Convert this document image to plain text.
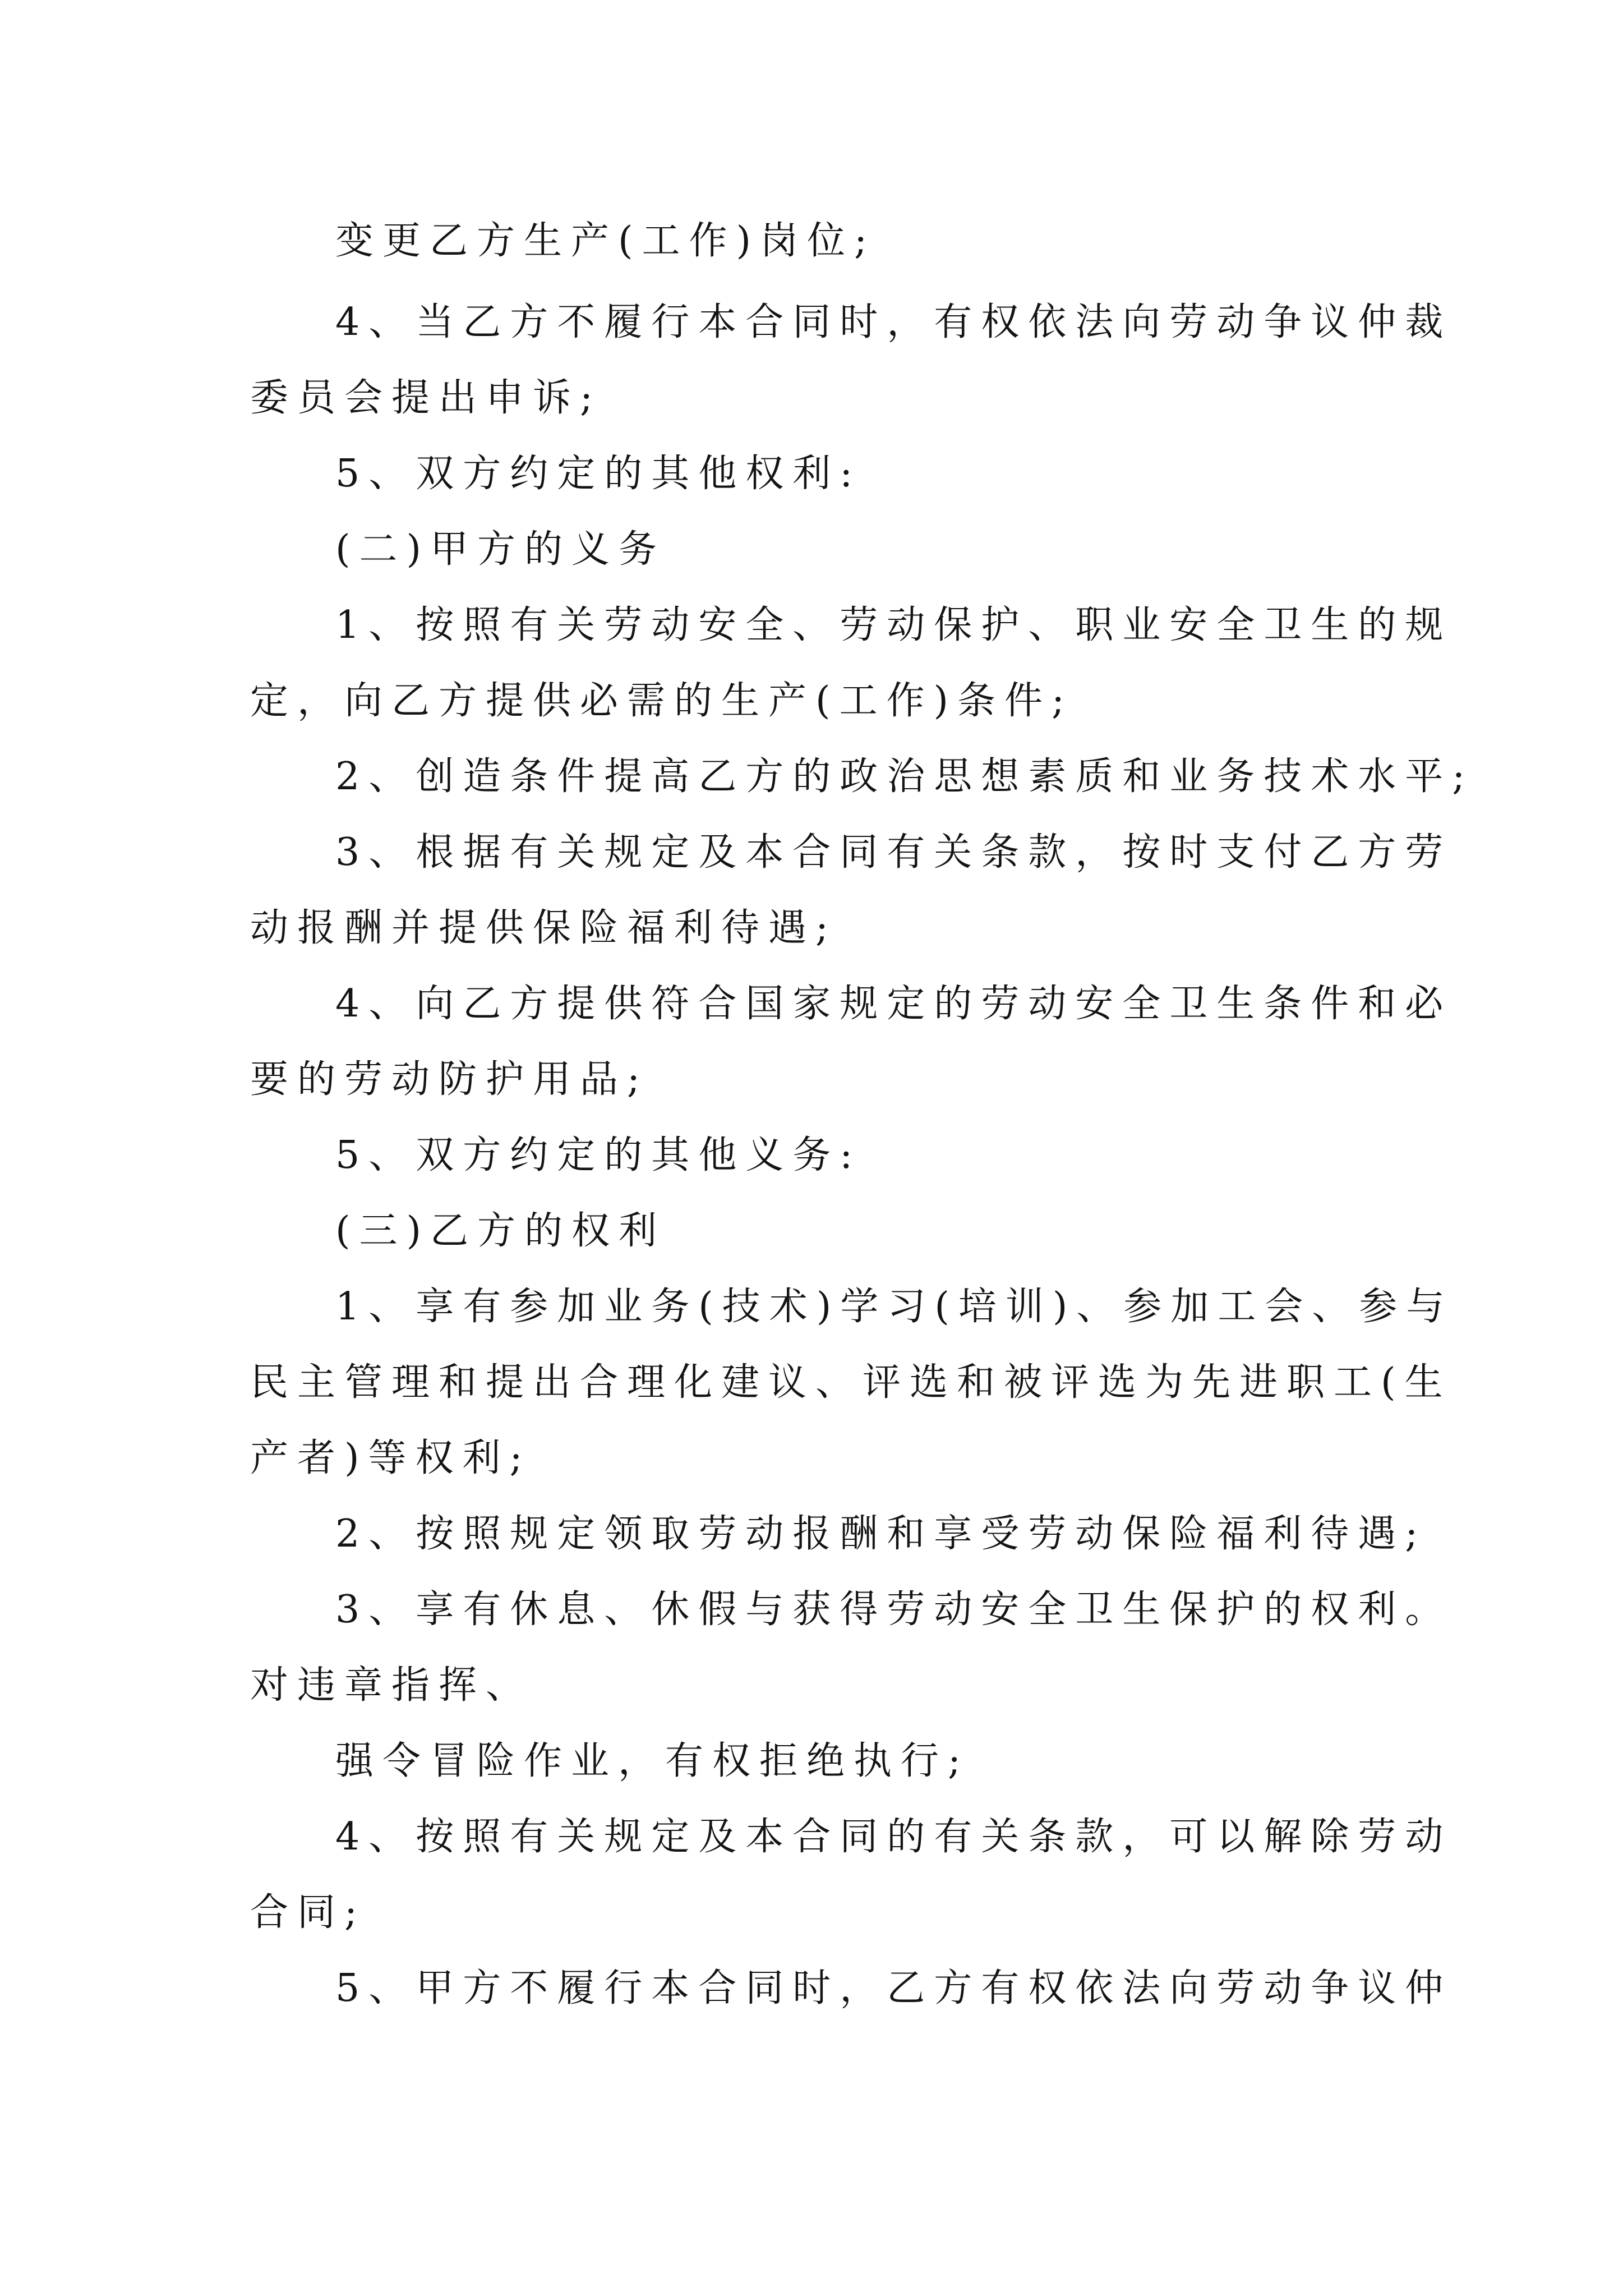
变更乙方生产(工作)岗位;
4、当乙方不履行本合同时，有权依法向劳动争议仲裁
委员会提出申诉;
5、双方约定的其他权利:
(二)甲方的义务
1、按照有关劳动安全、劳动保护、职业安全卫生的规
定，向乙方提供必需的生产(工作)条件;
2、创造条件提高乙方的政治思想素质和业务技术水平;
3、根据有关规定及本合同有关条款，按时支付乙方劳
动报酬并提供保险福利待遇;
4、向乙方提供符合国家规定的劳动安全卫生条件和必
要的劳动防护用品;
5、双方约定的其他义务:
(三)乙方的权利
1、享有参加业务(技术)学习(培训)、参加工会、参与
民主管理和提出合理化建议、评选和被评选为先进职工(生
产者)等权利;
2、按照规定领取劳动报酬和享受劳动保险福利待遇;
3、享有休息、休假与获得劳动安全卫生保护的权利。
对违章指挥、
强令冒险作业，有权拒绝执行;
4、按照有关规定及本合同的有关条款，可以解除劳动
合同;
5、甲方不履行本合同时，乙方有权依法向劳动争议仲
